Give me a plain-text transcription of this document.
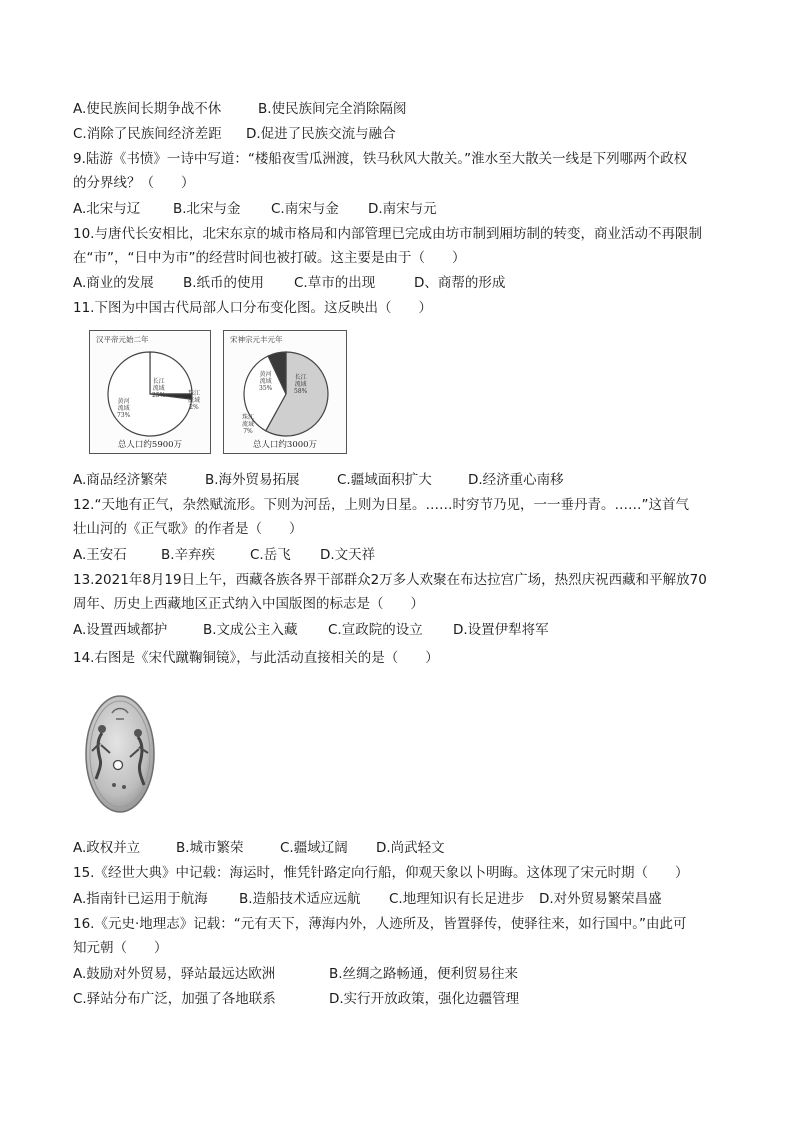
A.使民族间长期争战不休	B.使民族间完全消除隔阂
C.消除了民族间经济差距 D.促进了民族交流与融合
9.陆游《书愤》一诗中写道：“楼船夜雪瓜洲渡，铁马秋风大散关。”淮水至大散关一线是下列哪两个政权
的分界线？（　　）
A.北宋与辽 B.北宋与金 C.南宋与金 D.南宋与元
10.与唐代长安相比，北宋东京的城市格局和内部管理已完成由坊市制到厢坊制的转变，商业活动不再限制
在“市”，“日中为市”的经营时间也被打破。这主要是由于（　　）
A.商业的发展 B.纸币的使用 C.草市的出现	D、商帮的形成
11.下图为中国古代局部人口分布变化图。这反映出（　　）
汉平帝元始二年
长江
流域
25%
黄河
流域
73%
珠江
流域
2%
总人口约5900万
宋神宗元丰元年
长江
流域
58%
黄河
流域
35%
珠江
流域
7%
总人口约3000万
A.商品经济繁荣	B.海外贸易拓展	C.疆域面积扩大	D.经济重心南移
12.“天地有正气，杂然赋流形。下则为河岳，上则为日星。……时穷节乃见，一一垂丹青。……”这首气
壮山河的《正气歌》的作者是（　　）
A.王安石	B.辛弃疾	C.岳飞 D.文天祥
13.2021年8月19日上午，西藏各族各界干部群众2万多人欢聚在布达拉宫广场，热烈庆祝西藏和平解放70
周年、历史上西藏地区正式纳入中国版图的标志是（　　）
A.设置西域都护	B.文成公主入藏 C.宣政院的设立 D.设置伊犁将军
14.右图是《宋代蹴鞠铜镜》，与此活动直接相关的是（　　）
A.政权并立	B.城市繁荣	C.疆域辽阔 D.尚武轻文
15.《经世大典》中记载：海运时，惟凭针路定向行船，仰观天象以卜明晦。这体现了宋元时期（　　）
A.指南针已运用于航海 B.造船技术适应远航 C.地理知识有长足进步 D.对外贸易繁荣昌盛
16.《元史·地理志》记载：“元有天下，薄海内外，人迹所及，皆置驿传，使驿往来，如行国中。”由此可
知元朝（　　）
A.鼓励对外贸易，驿站最远达欧洲	B.丝绸之路畅通，便利贸易往来
C.驿站分布广泛，加强了各地联系	D.实行开放政策，强化边疆管理
